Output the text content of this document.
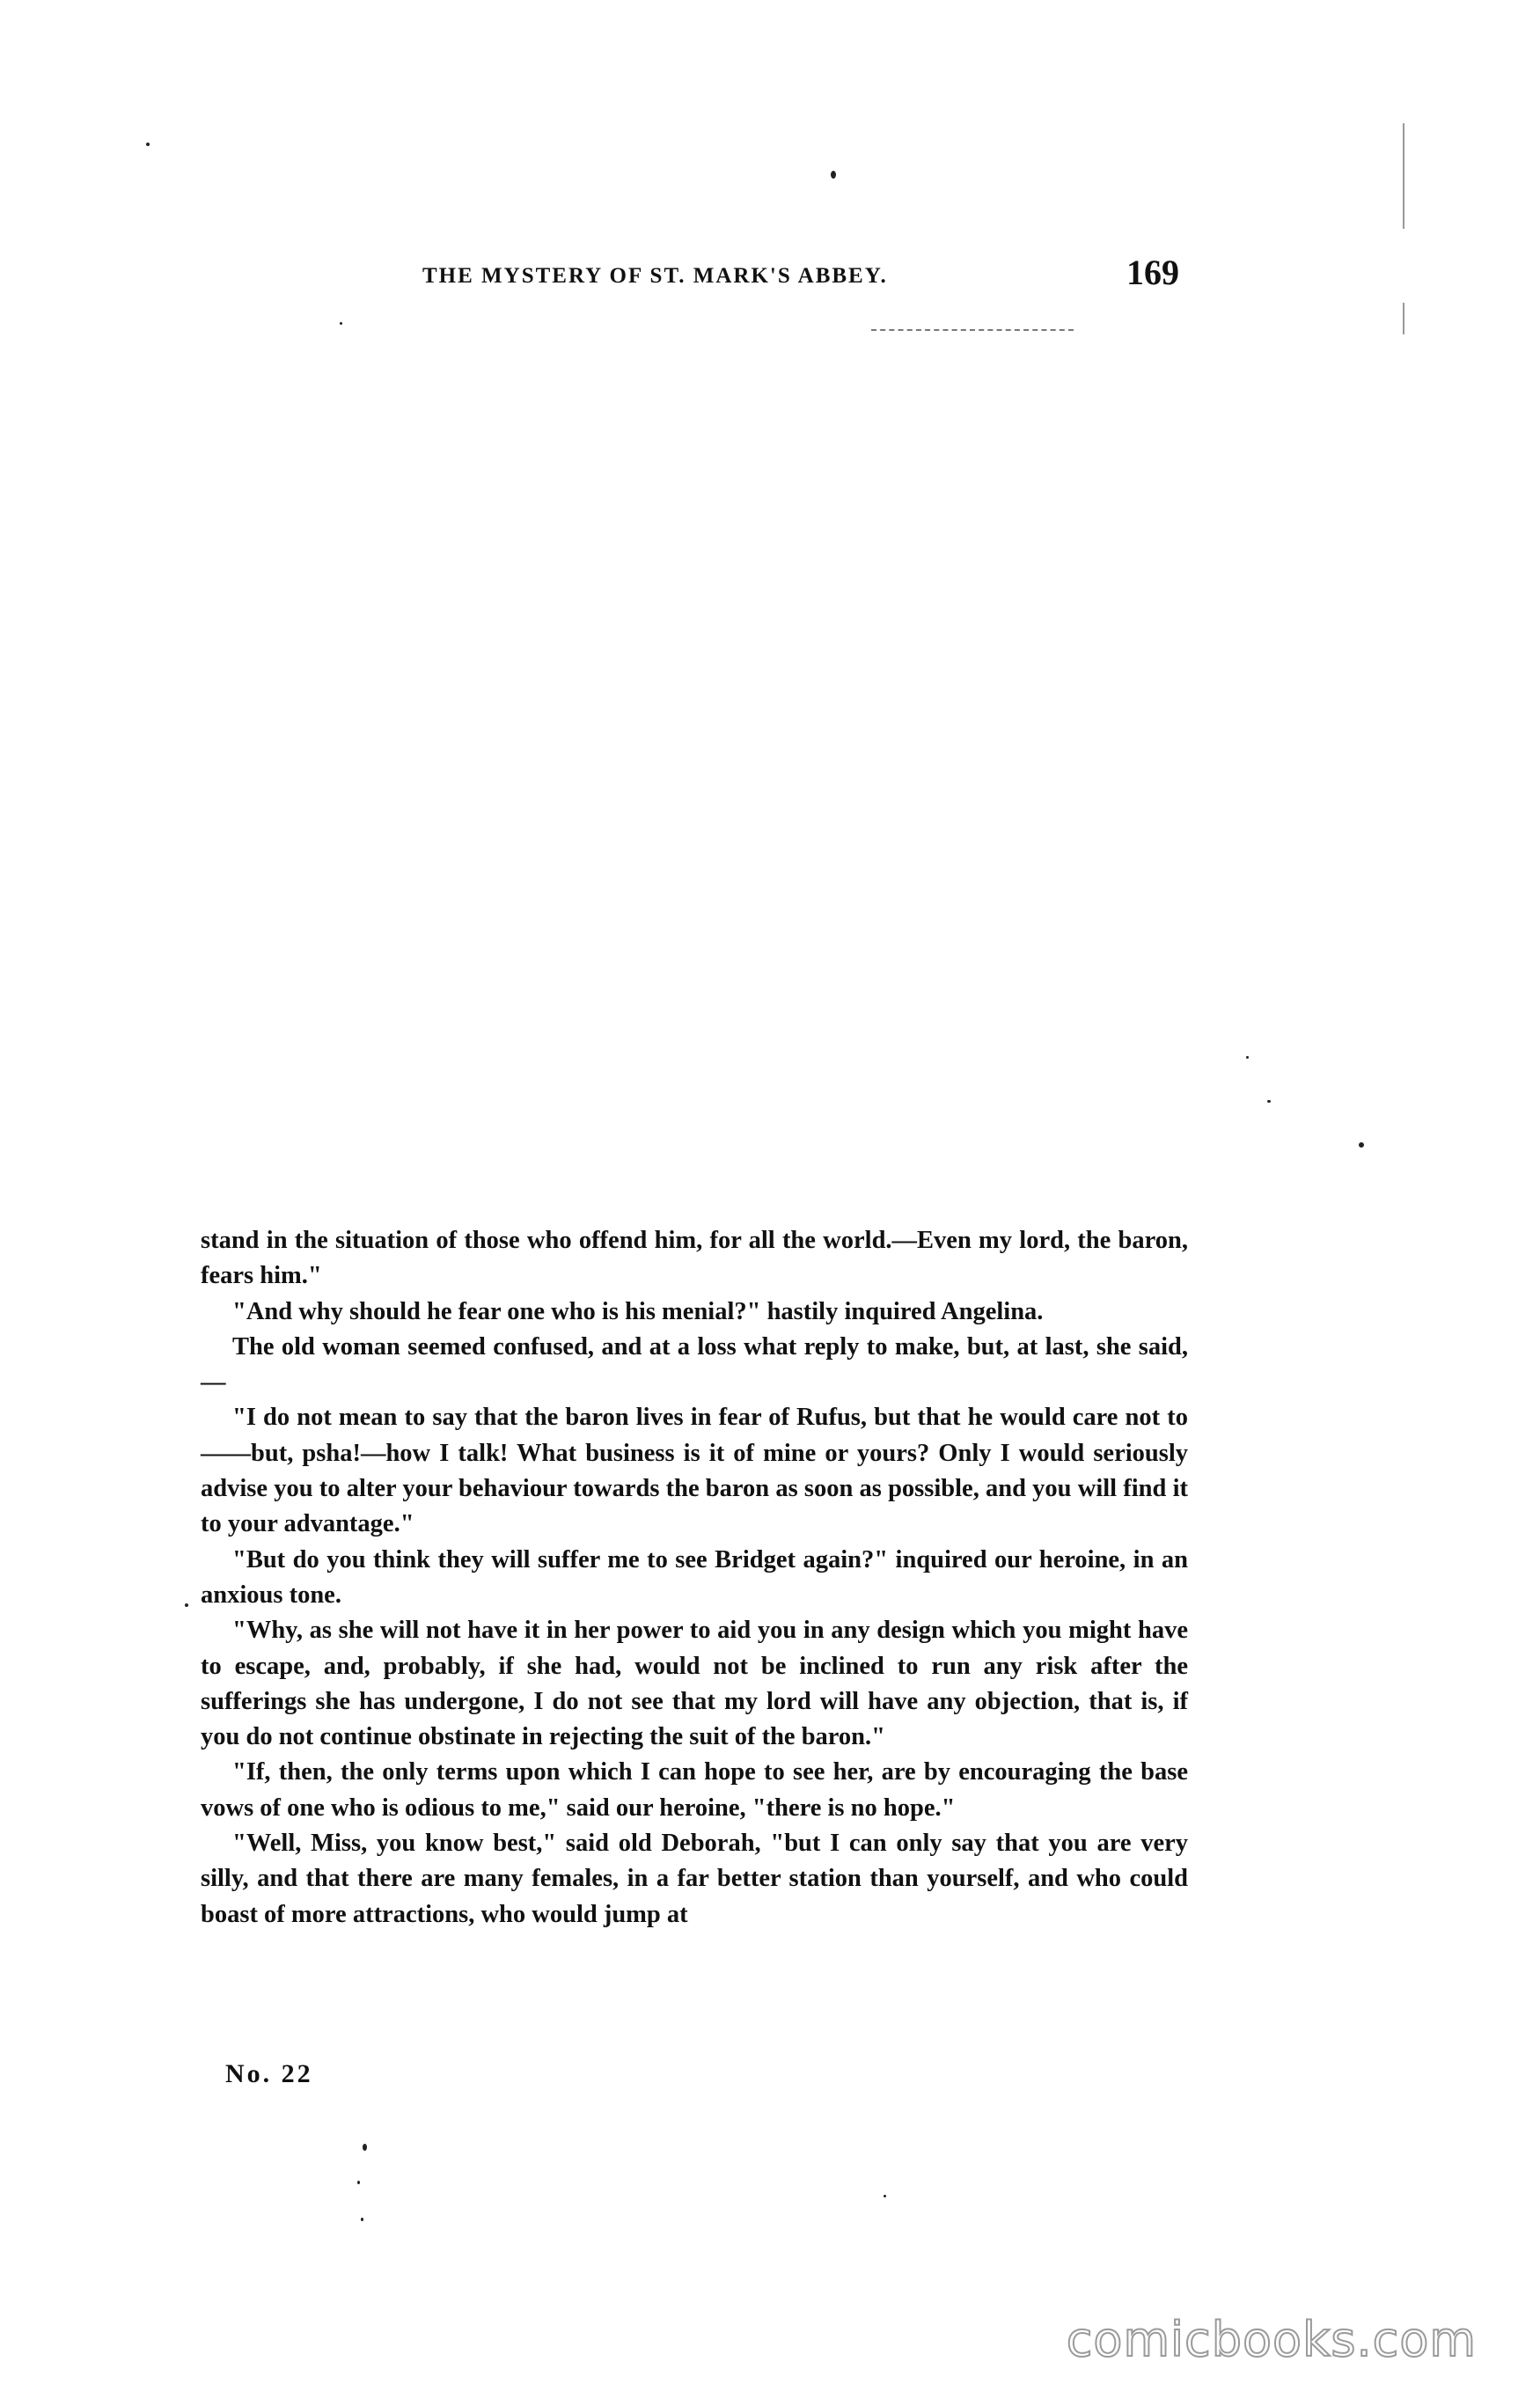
THE MYSTERY OF ST. MARK'S ABBEY.	169

stand in the situation of those who offend him, for all the world.—Even my lord, the baron, fears him."

"And why should he fear one who is his menial?" hastily inquired Angelina.

The old woman seemed confused, and at a loss what reply to make, but, at last, she said,—

"I do not mean to say that the baron lives in fear of Rufus, but that he would care not to——but, psha!—how I talk! What business is it of mine or yours? Only I would seriously advise you to alter your behaviour towards the baron as soon as possible, and you will find it to your advantage."

"But do you think they will suffer me to see Bridget again?" inquired our heroine, in an anxious tone.

"Why, as she will not have it in her power to aid you in any design which you might have to escape, and, probably, if she had, would not be inclined to run any risk after the sufferings she has undergone, I do not see that my lord will have any objection, that is, if you do not continue obstinate in rejecting the suit of the baron."

"If, then, the only terms upon which I can hope to see her, are by encouraging the base vows of one who is odious to me," said our heroine, "there is no hope."

"Well, Miss, you know best," said old Deborah, "but I can only say that you are very silly, and that there are many females, in a far better station than yourself, and who could boast of more attractions, who would jump at

No. 22
comicbooks.com
